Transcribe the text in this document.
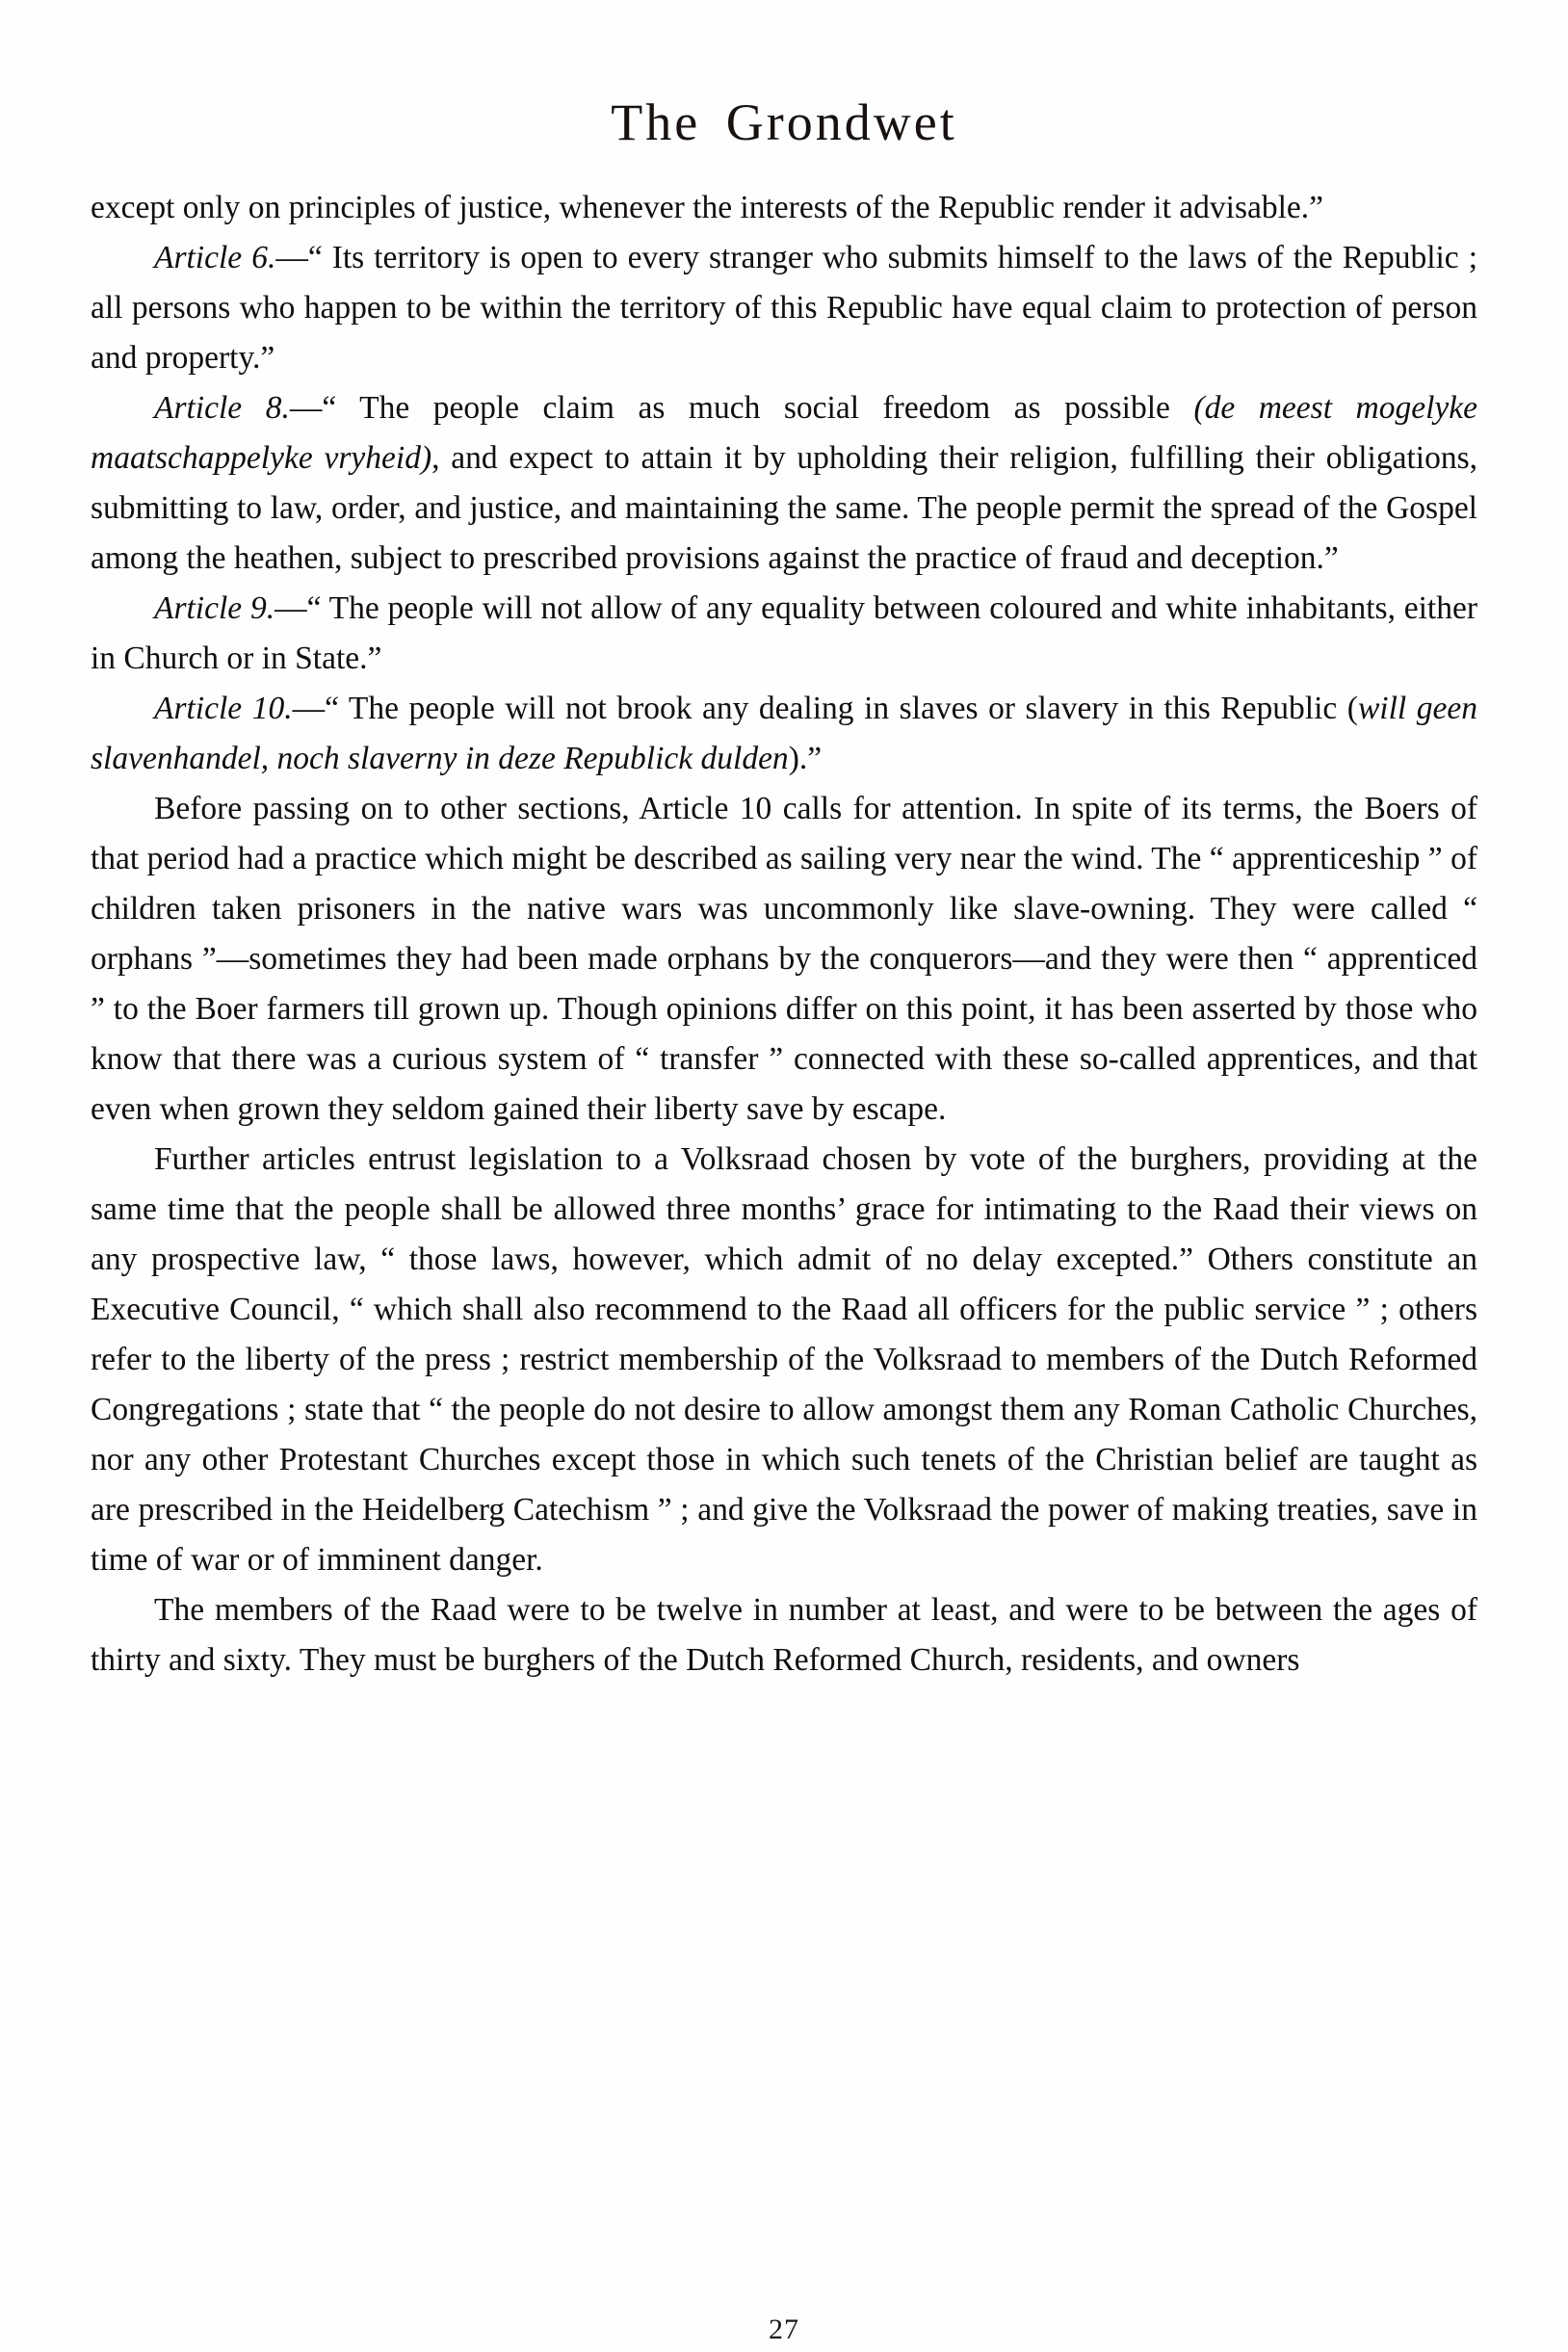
The Grondwet

except only on principles of justice, whenever the interests of the Republic render it advisable.”

Article 6.—“ Its territory is open to every stranger who submits himself to the laws of the Republic ; all persons who happen to be within the territory of this Republic have equal claim to protection of person and property.”

Article 8.—“ The people claim as much social freedom as possible (de meest mogelyke maatschappelyke vryheid), and expect to attain it by upholding their religion, fulfilling their obligations, submitting to law, order, and justice, and maintaining the same. The people permit the spread of the Gospel among the heathen, subject to prescribed provisions against the practice of fraud and deception.”

Article 9.—“ The people will not allow of any equality between coloured and white inhabitants, either in Church or in State.”

Article 10.—“ The people will not brook any dealing in slaves or slavery in this Republic (will geen slavenhandel, noch slaverny in deze Republick dulden).”

Before passing on to other sections, Article 10 calls for attention. In spite of its terms, the Boers of that period had a practice which might be described as sailing very near the wind. The “ apprenticeship ” of children taken prisoners in the native wars was uncommonly like slave-owning. They were called “ orphans ”—sometimes they had been made orphans by the conquerors—and they were then “ apprenticed ” to the Boer farmers till grown up. Though opinions differ on this point, it has been asserted by those who know that there was a curious system of “ transfer ” connected with these so-called apprentices, and that even when grown they seldom gained their liberty save by escape.

Further articles entrust legislation to a Volksraad chosen by vote of the burghers, providing at the same time that the people shall be allowed three months’ grace for intimating to the Raad their views on any prospective law, “ those laws, however, which admit of no delay excepted.” Others constitute an Executive Council, “ which shall also recommend to the Raad all officers for the public service ” ; others refer to the liberty of the press ; restrict membership of the Volksraad to members of the Dutch Reformed Congregations ; state that “ the people do not desire to allow amongst them any Roman Catholic Churches, nor any other Protestant Churches except those in which such tenets of the Christian belief are taught as are prescribed in the Heidelberg Catechism ” ; and give the Volksraad the power of making treaties, save in time of war or of imminent danger.

The members of the Raad were to be twelve in number at least, and were to be between the ages of thirty and sixty. They must be burghers of the Dutch Reformed Church, residents, and owners

27
